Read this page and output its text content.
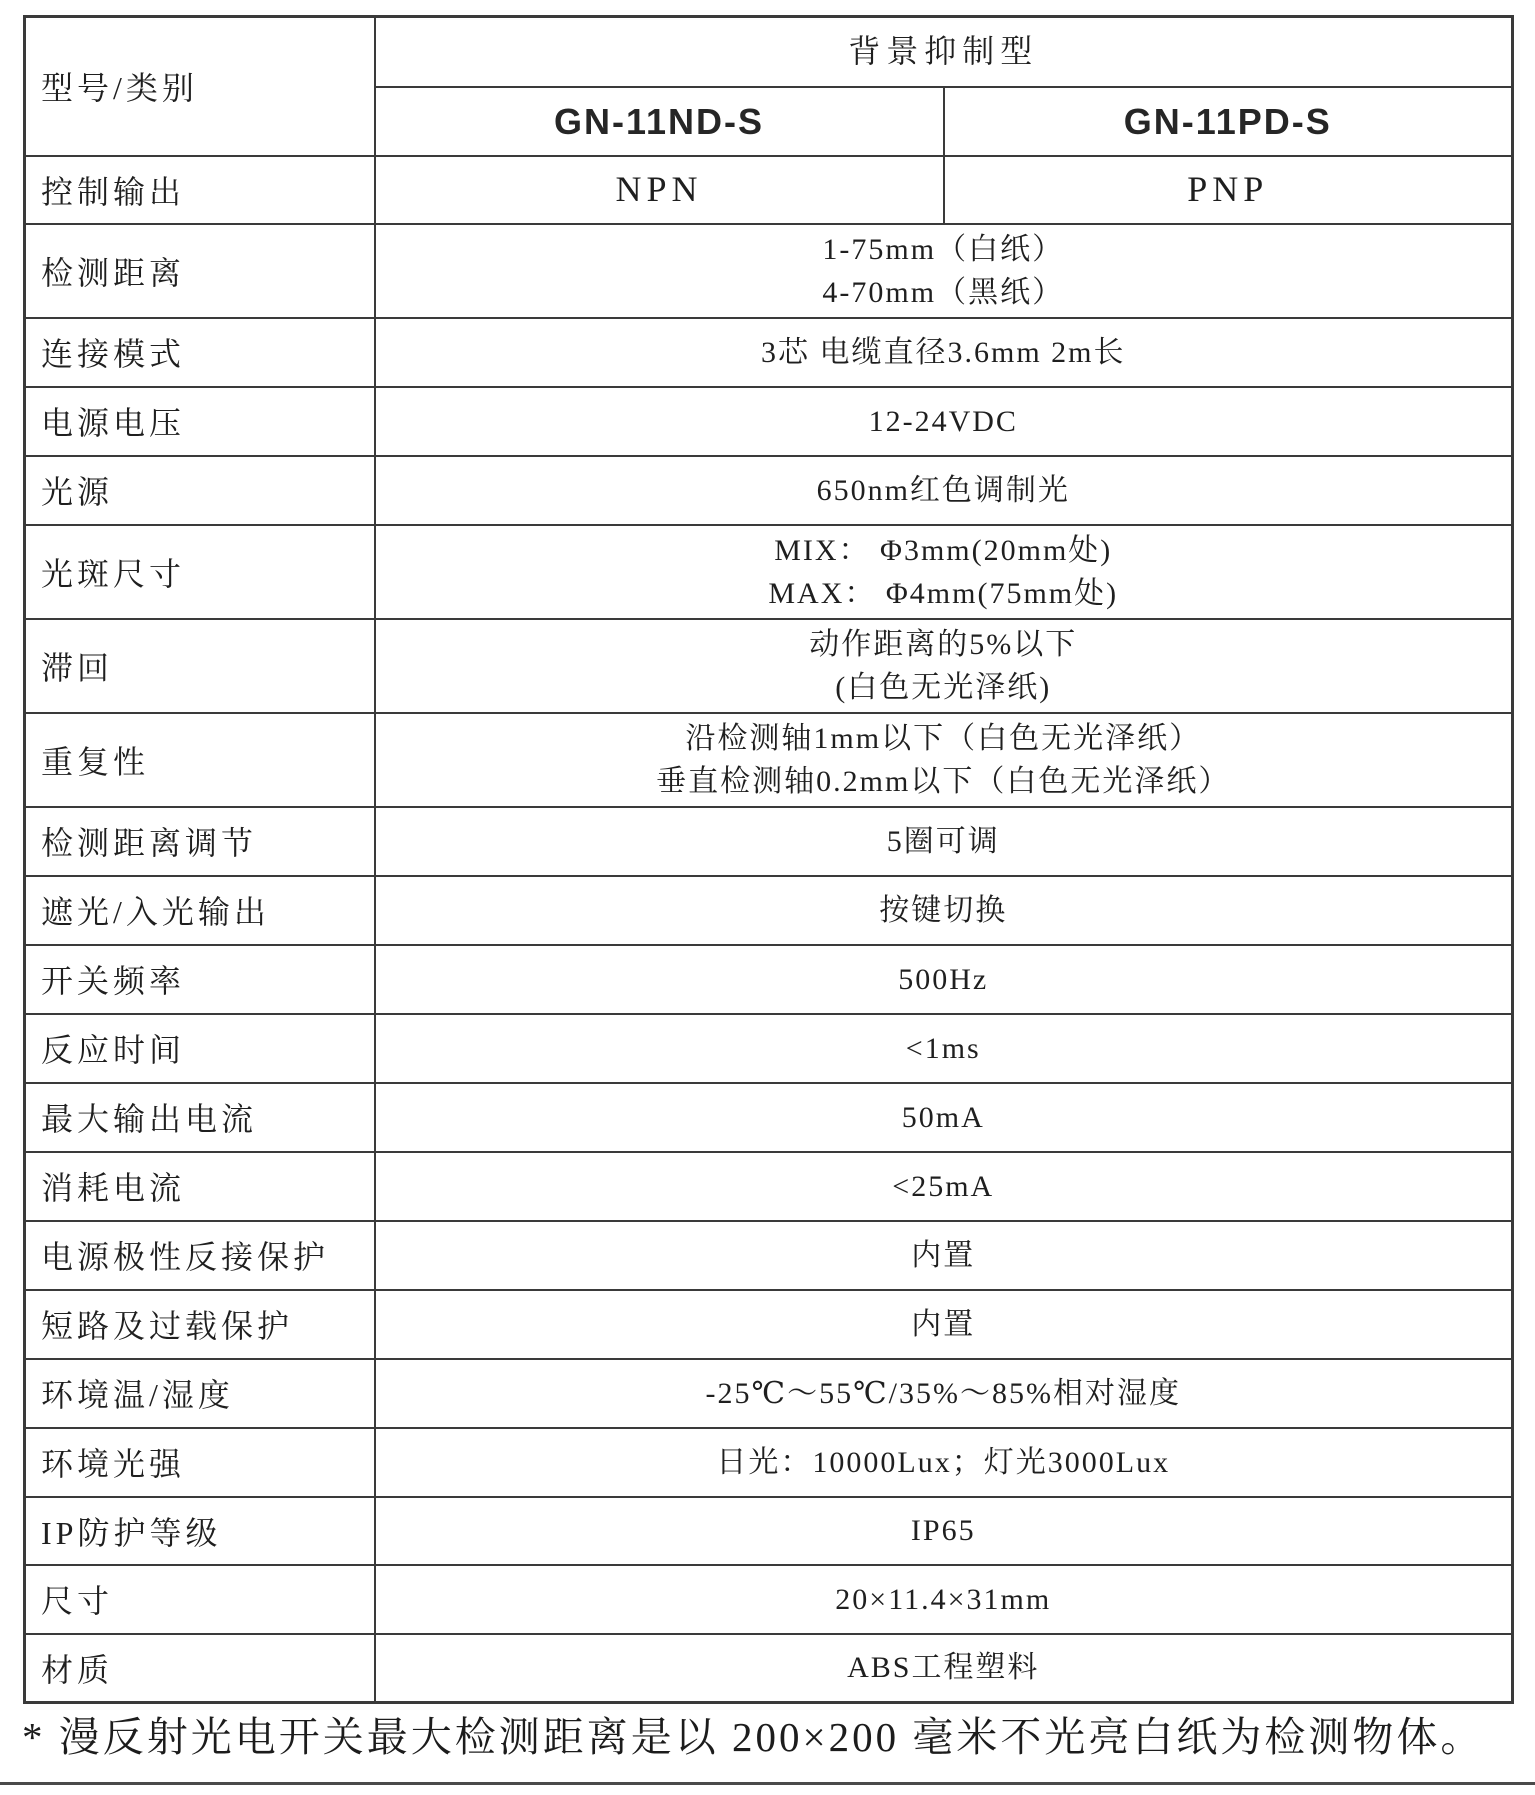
型号/类别	背景抑制型	
	GN-11ND-S	GN-11PD-S
控制输出	NPN	PNP
检测距离	1-75mm（白纸）
4-70mm（黑纸）	

连接模式	3芯 电缆直径3.6mm 2m长	
电源电压	12-24VDC	
光源	650nm红色调制光	
光斑尺寸	MIX： Φ3mm(20mm处)
MAX： Φ4mm(75mm处)	

滞回	动作距离的5%以下
(白色无光泽纸)	

重复性	沿检测轴1mm以下（白色无光泽纸）
垂直检测轴0.2mm以下（白色无光泽纸）	

检测距离调节	5圈可调	
遮光/入光输出	按键切换	
开关频率	500Hz	
反应时间	<1ms	
最大输出电流	50mA	
消耗电流	<25mA	
电源极性反接保护	内置	
短路及过载保护	内置	
环境温/湿度	-25℃～55℃/35%～85%相对湿度	
环境光强	日光：10000Lux；灯光3000Lux	
IP防护等级	IP65	
尺寸	20×11.4×31mm	
材质	ABS工程塑料	
* 漫反射光电开关最大检测距离是以 200×200 毫米不光亮白纸为检测物体。
